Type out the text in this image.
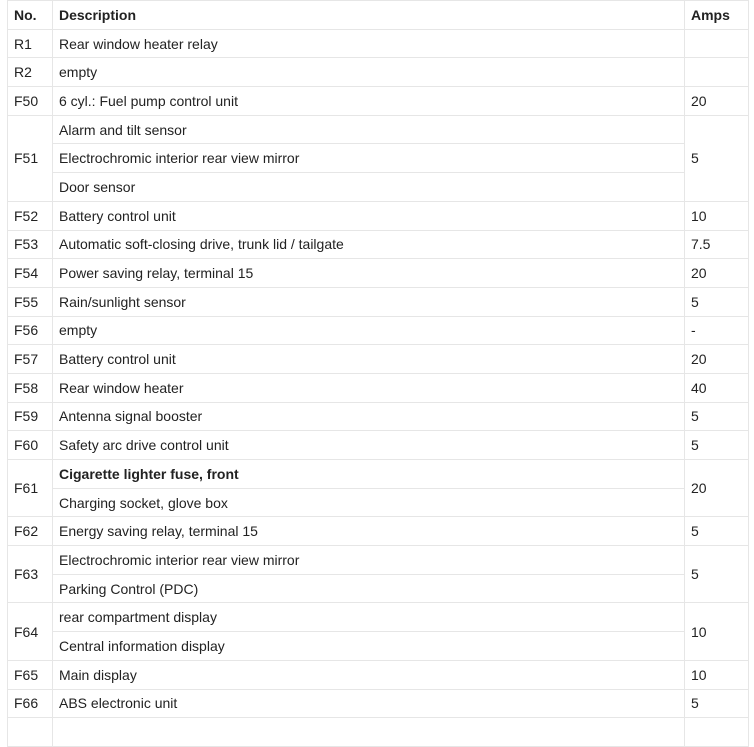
No.	Description	Amps
R1	Rear window heater relay	
R2	empty	
F50	6 cyl.: Fuel pump control unit	20
F51	Alarm and tilt sensor	5
	Electrochromic interior rear view mirror	
	Door sensor	
F52	Battery control unit	10
F53	Automatic soft-closing drive, trunk lid / tailgate	7.5
F54	Power saving relay, terminal 15	20
F55	Rain/sunlight sensor	5
F56	empty	-
F57	Battery control unit	20
F58	Rear window heater	40
F59	Antenna signal booster	5
F60	Safety arc drive control unit	5
F61	Cigarette lighter fuse, front	20
	Charging socket, glove box	
F62	Energy saving relay, terminal 15	5
F63	Electrochromic interior rear view mirror	5
	Parking Control (PDC)	
F64	rear compartment display	10
	Central information display	
F65	Main display	10
F66	ABS electronic unit	5
